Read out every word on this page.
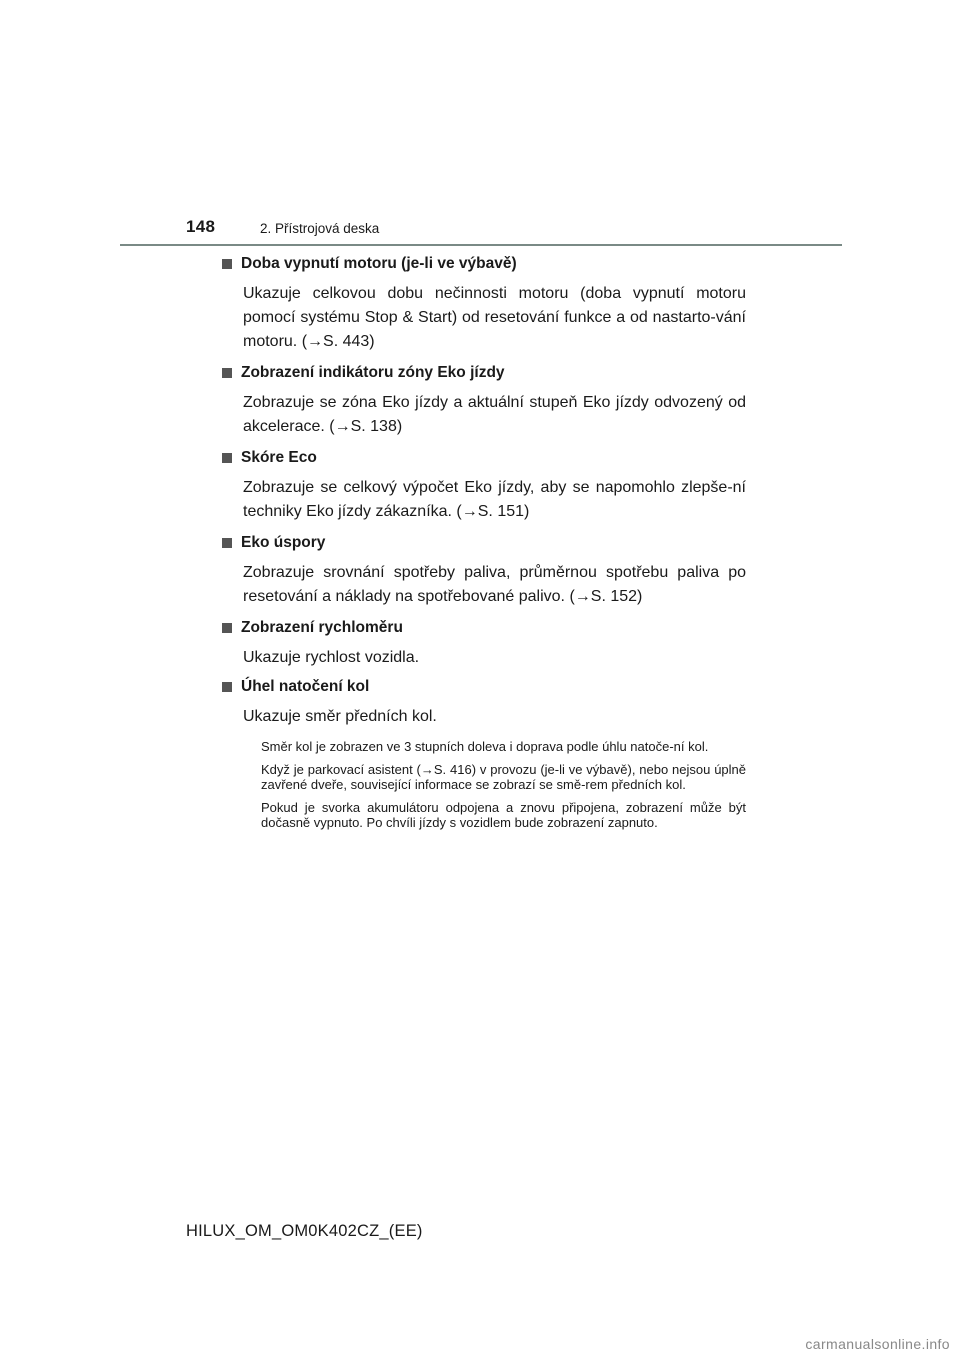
148	2. Přístrojová deska
Doba vypnutí motoru (je-li ve výbavě)

Ukazuje celkovou dobu nečinnosti motoru (doba vypnutí motoru pomocí systému Stop & Start) od resetování funkce a od nastarto-vání motoru. (→S. 443)

Zobrazení indikátoru zóny Eko jízdy

Zobrazuje se zóna Eko jízdy a aktuální stupeň Eko jízdy odvozený od akcelerace. (→S. 138)

Skóre Eco

Zobrazuje se celkový výpočet Eko jízdy, aby se napomohlo zlepše-ní techniky Eko jízdy zákazníka. (→S. 151)

Eko úspory

Zobrazuje srovnání spotřeby paliva, průměrnou spotřebu paliva po resetování a náklady na spotřebované palivo. (→S. 152)

Zobrazení rychloměru

Ukazuje rychlost vozidla.

Úhel natočení kol

Ukazuje směr předních kol.

Směr kol je zobrazen ve 3 stupních doleva i doprava podle úhlu natoče-ní kol.

Když je parkovací asistent (→S. 416) v provozu (je-li ve výbavě), nebo nejsou úplně zavřené dveře, související informace se zobrazí se smě-rem předních kol.

Pokud je svorka akumulátoru odpojena a znovu připojena, zobrazení může být dočasně vypnuto. Po chvíli jízdy s vozidlem bude zobrazení zapnuto.

HILUX_OM_OM0K402CZ_(EE)
carmanualsonline.info
